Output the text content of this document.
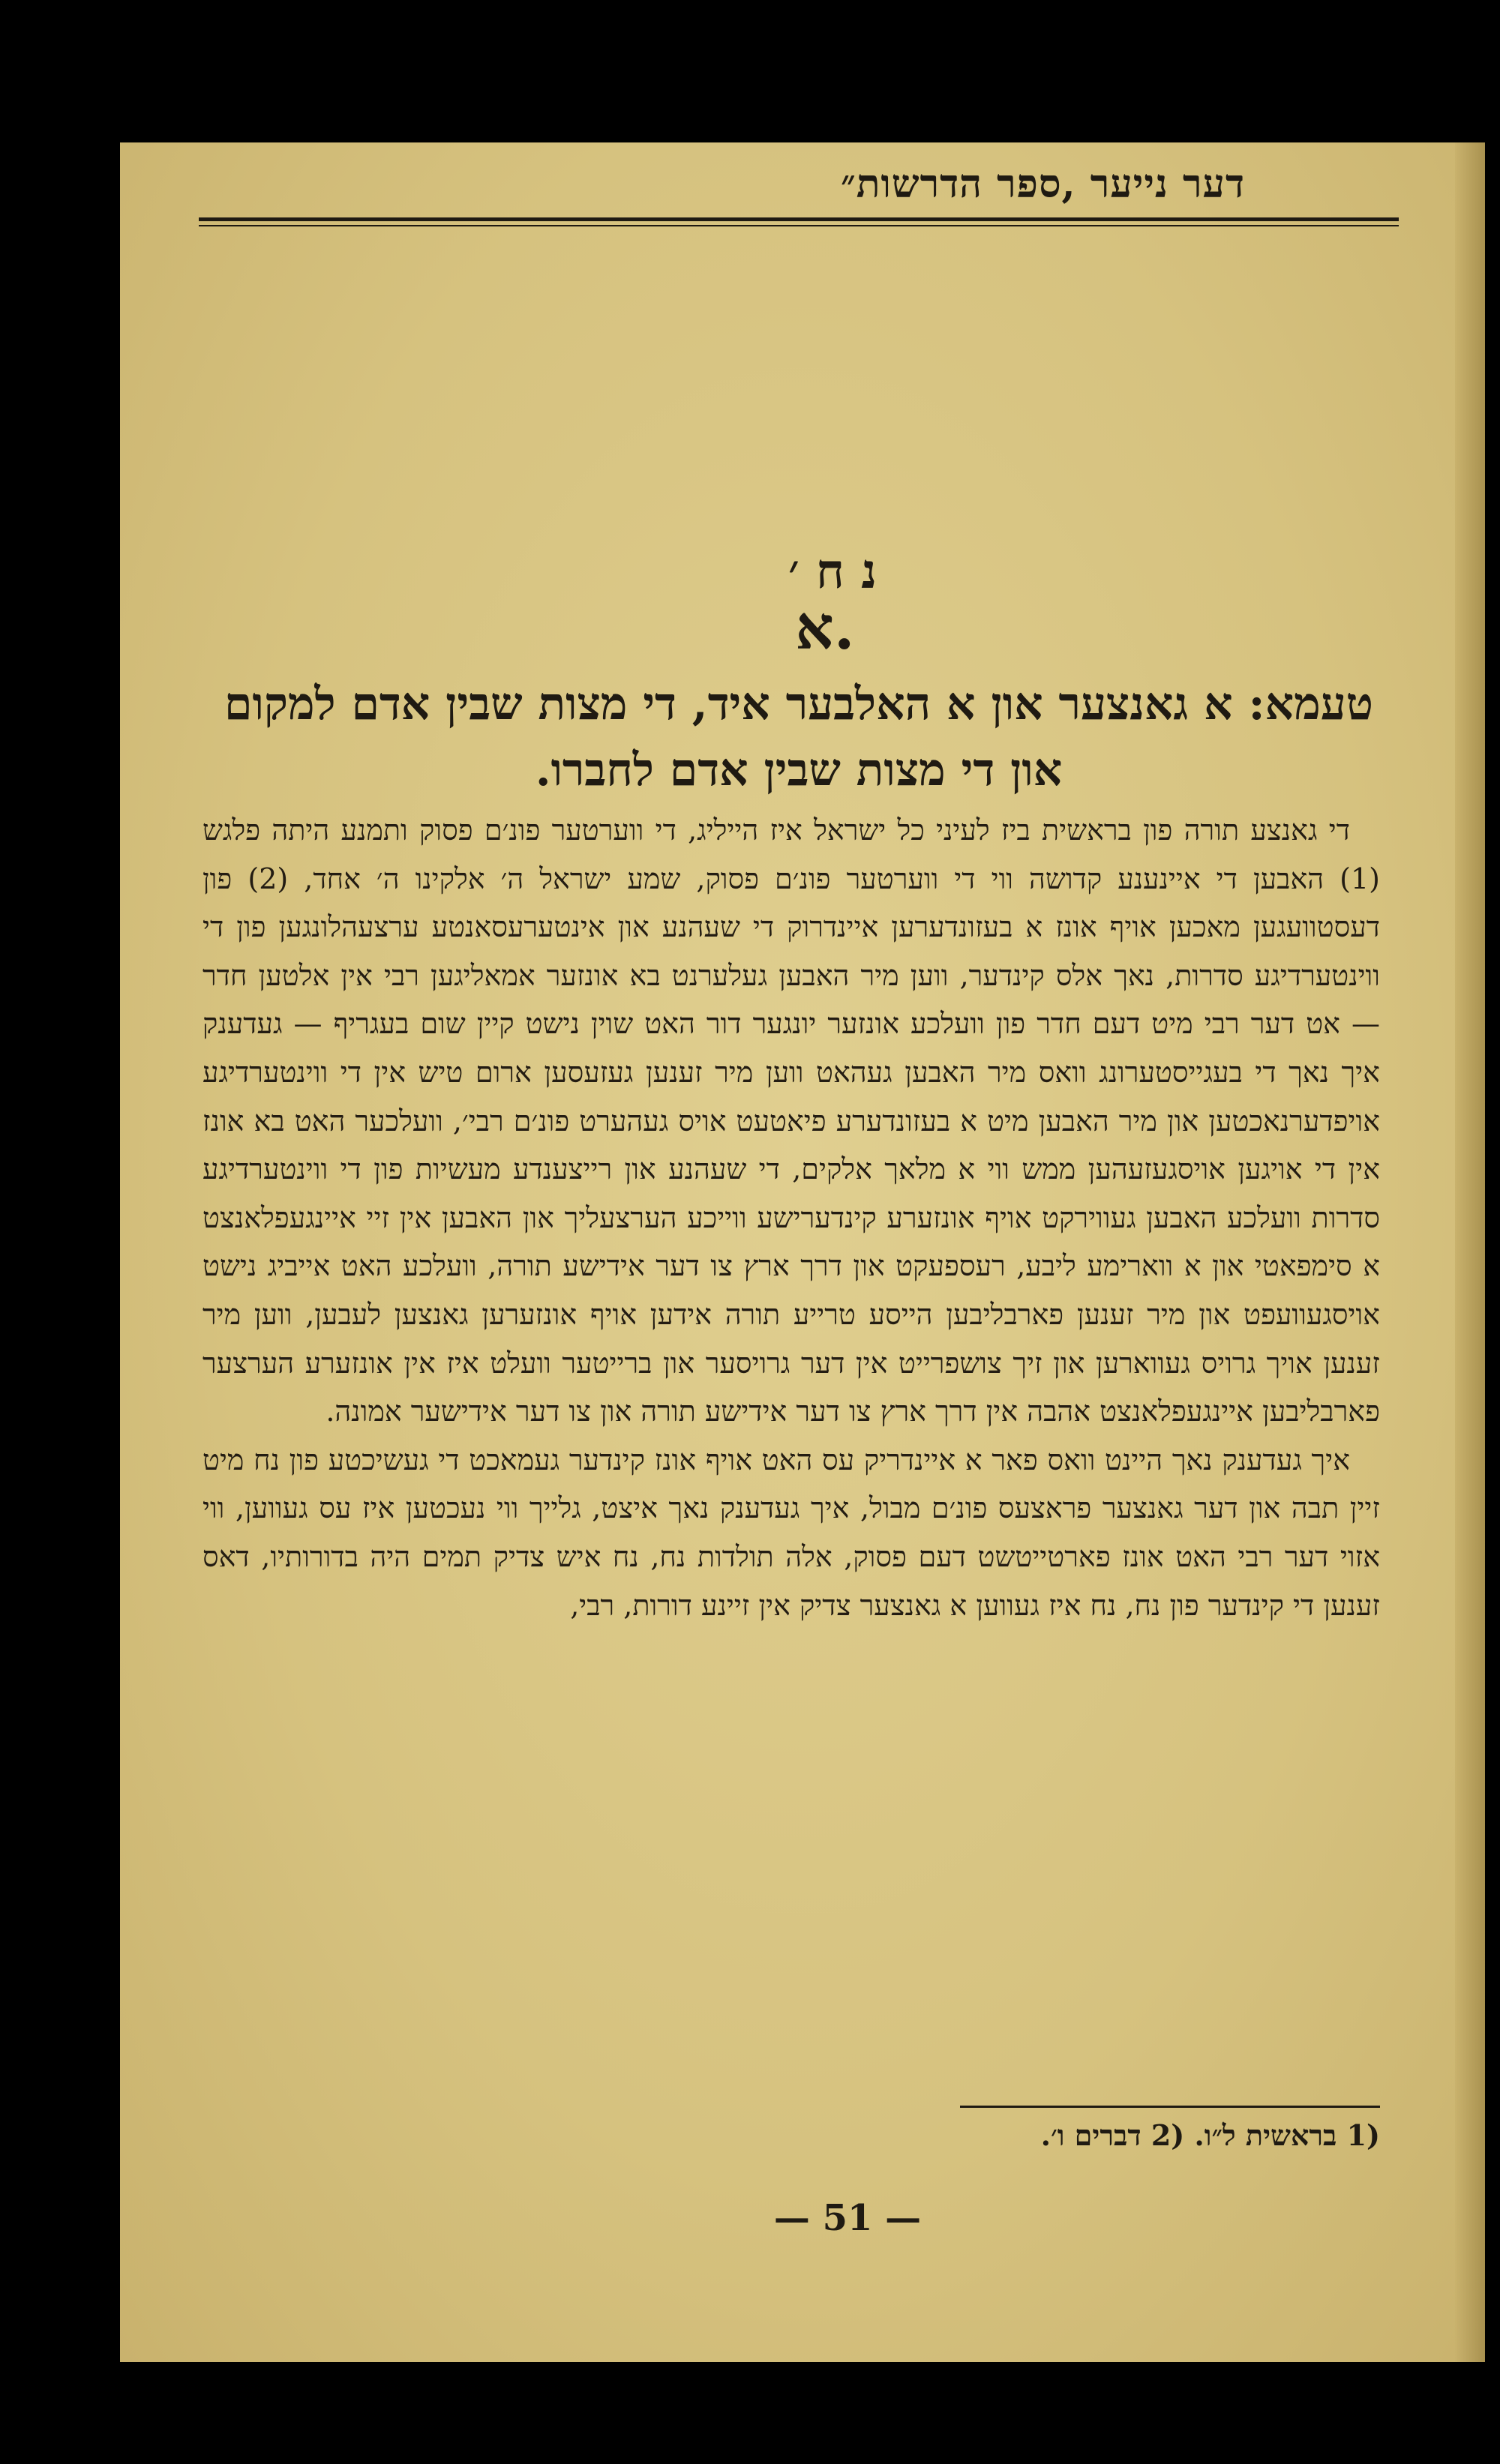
דער נייער ,ספר הדרשות״
נ ח ׳
א.
טעמא: א גאנצער און א האלבער איד, די מצות שבין אדם למקום און די מצות שבין אדם לחברו.

די גאנצע תורה פון בראשית ביז לעיני כל ישראל איז הייליג, די ווערטער פונ׳ם פסוק ותמנע היתה פלגש (1) האבען די איינענע קדושה ווי די ווערטער פונ׳ם פסוק, שמע ישראל ה׳ אלקינו ה׳ אחד, (2) פון דעסטוועגען מאכען אויף אונז א בעזונדערען איינדרוק די שעהנע און אינטערעסאנטע ערצעהלונגען פון די ווינטערדיגע סדרות, נאך אלס קינדער, ווען מיר האבען געלערנט בא אונזער אמאליגען רבי אין אלטען חדר — אט דער רבי מיט דעם חדר פון וועלכע אונזער יונגער דור האט שוין נישט קיין שום בעגריף — געדענק איך נאך די בעגייסטערונג וואס מיר האבען געהאט ווען מיר זענען געזעסען ארום טיש אין די ווינטערדיגע אויפדערנאכטען און מיר האבען מיט א בעזונדערע פיאטעט אויס געהערט פונ׳ם רבי׳, וועלכער האט בא אונז אין די אויגען אויסגעזעהען ממש ווי א מלאך אלקים, די שעהנע און רייצענדע מעשיות פון די ווינטערדיגע סדרות וועלכע האבען געווירקט אויף אונזערע קינדערישע ווייכע הערצעליך און האבען אין זיי איינגעפלאנצט א סימפאטי און א ווארימע ליבע, רעספעקט און דרך ארץ צו דער אידישע תורה, וועלכע האט אייביג נישט אויסגעוועפט און מיר זענען פארבליבען הייסע טרייע תורה אידען אויף אונזערען גאנצען לעבען, ווען מיר זענען אויך גרויס געווארען און זיך צושפרייט אין דער גרויסער און ברייטער וועלט איז אין אונזערע הערצער פארבליבען איינגעפלאנצט אהבה אין דרך ארץ צו דער אידישע תורה און צו דער אידישער אמונה.

איך געדענק נאך היינט וואס פאר א איינדריק עס האט אויף אונז קינדער געמאכט די געשיכטע פון נח מיט זיין תבה און דער גאנצער פראצעס פונ׳ם מבול, איך געדענק נאך איצט, גלייך ווי נעכטען איז עס געווען, ווי אזוי דער רבי האט אונז פארטייטשט דעם פסוק, אלה תולדות נח, נח איש צדיק תמים היה בדורותיו, דאס זענען די קינדער פון נח, נח איז געווען א גאנצער צדיק אין זיינע דורות, רבי,

(1 בראשית ל״ו. (2 דברים ו׳.
— 51 —
